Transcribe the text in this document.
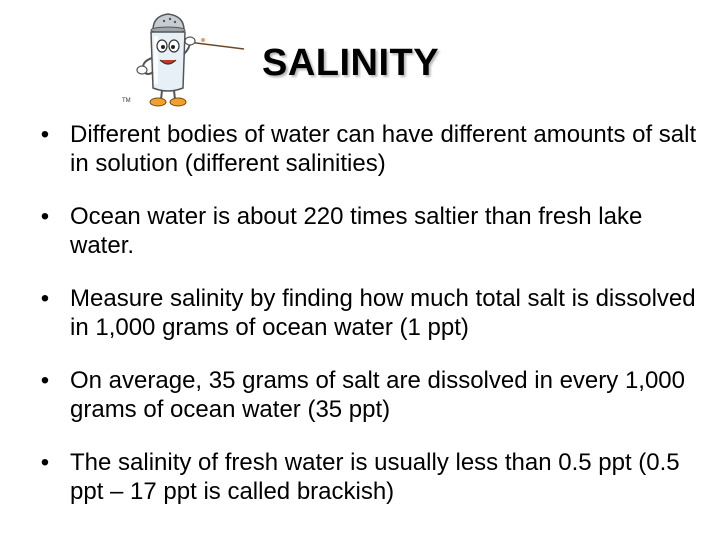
TM
SALINITY
• Different bodies of water can have different amounts of salt in solution (different salinities)
• Ocean water is about 220 times saltier than fresh lake water.
• Measure salinity by finding how much total salt is dissolved in 1,000 grams of ocean water (1 ppt)
• On average, 35 grams of salt are dissolved in every 1,000 grams of ocean water (35 ppt)
• The salinity of fresh water is usually less than 0.5 ppt (0.5 ppt – 17 ppt is called brackish)
